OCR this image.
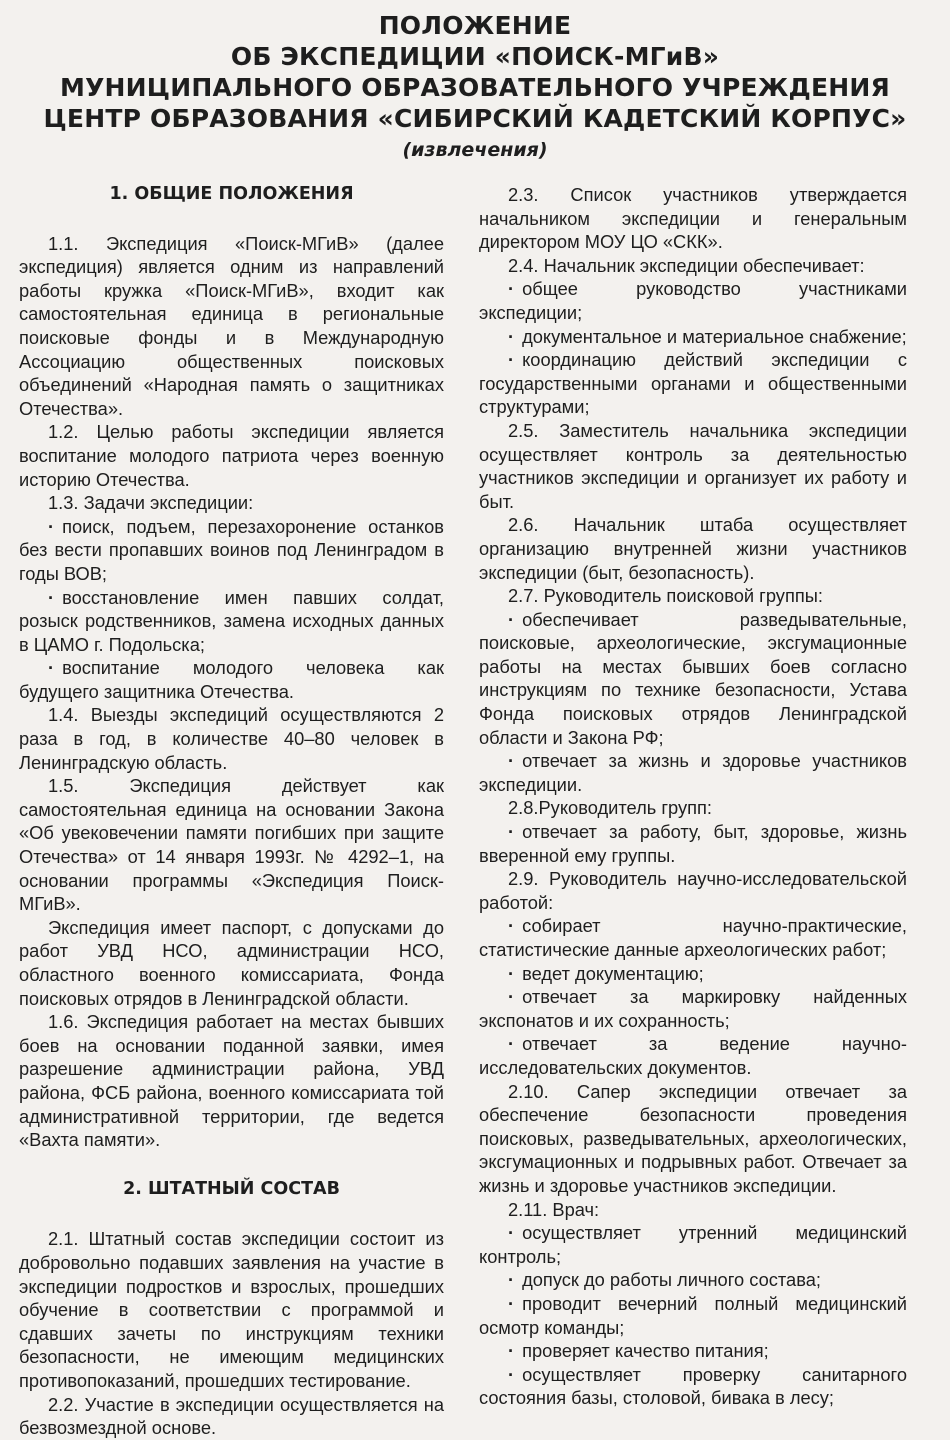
ПОЛОЖЕНИЕ
ОБ ЭКСПЕДИЦИИ «ПОИСК-МГиВ»
МУНИЦИПАЛЬНОГО ОБРАЗОВАТЕЛЬНОГО УЧРЕЖДЕНИЯ
ЦЕНТР ОБРАЗОВАНИЯ «СИБИРСКИЙ КАДЕТСКИЙ КОРПУС»
(извлечения)
1. ОБЩИЕ ПОЛОЖЕНИЯ

1.1. Экспедиция «Поиск-МГиВ» (далее экспедиция) является одним из направлений работы кружка «Поиск-МГиВ», входит как самостоятельная единица в региональные поисковые фонды и в Международную Ассоциацию общественных поисковых объединений «Народная память о защитниках Отечества».

1.2. Целью работы экспедиции является воспитание молодого патриота через военную историю Отечества.

1.3. Задачи экспедиции:

· поиск, подъем, перезахоронение останков без вести пропавших воинов под Ленинградом в годы ВОВ;

· восстановление имен павших солдат, розыск родственников, замена исходных данных в ЦАМО г. Подольска;

· воспитание молодого человека как будущего защитника Отечества.

1.4. Выезды экспедиций осуществляются 2 раза в год, в количестве 40–80 человек в Ленинградскую область.

1.5. Экспедиция действует как самостоятельная единица на основании Закона «Об увековечении памяти погибших при защите Отечества» от 14 января 1993г. № 4292–1, на основании программы «Экспедиция Поиск-МГиВ».

Экспедиция имеет паспорт, с допусками до работ УВД НСО, администрации НСО, областного военного комиссариата, Фонда поисковых отрядов в Ленинградской области.

1.6. Экспедиция работает на местах бывших боев на основании поданной заявки, имея разрешение администрации района, УВД района, ФСБ района, военного комиссариата той административной территории, где ведется «Вахта памяти».

2. ШТАТНЫЙ СОСТАВ

2.1. Штатный состав экспедиции состоит из добровольно подавших заявления на участие в экспедиции подростков и взрослых, прошедших обучение в соответствии с программой и сдавших зачеты по инструкциям техники безопасности, не имеющим медицинских противопоказаний, прошедших тестирование.

2.2. Участие в экспедиции осуществляется на безвозмездной основе.

2.3. Список участников утверждается начальником экспедиции и генеральным директором МОУ ЦО «СКК».

2.4. Начальник экспедиции обеспечивает:

· общее руководство участниками экспедиции;

· документальное и материальное снабжение;

· координацию действий экспедиции с государственными органами и общественными структурами;

2.5. Заместитель начальника экспедиции осуществляет контроль за деятельностью участников экспедиции и организует их работу и быт.

2.6. Начальник штаба осуществляет организацию внутренней жизни участников экспедиции (быт, безопасность).

2.7. Руководитель поисковой группы:

· обеспечивает разведывательные, поисковые, археологические, эксгумационные работы на местах бывших боев согласно инструкциям по технике безопасности, Устава Фонда поисковых отрядов Ленинградской области и Закона РФ;

· отвечает за жизнь и здоровье участников экспедиции.

2.8.Руководитель групп:

· отвечает за работу, быт, здоровье, жизнь вверенной ему группы.

2.9. Руководитель научно-исследовательской работой:

· собирает научно-практические, статистические данные археологических работ;

· ведет документацию;

· отвечает за маркировку найденных экспонатов и их сохранность;

· отвечает за ведение научно-исследовательских документов.

2.10. Сапер экспедиции отвечает за обеспечение безопасности проведения поисковых, разведывательных, археологических, эксгумационных и подрывных работ. Отвечает за жизнь и здоровье участников экспедиции.

2.11. Врач:

· осуществляет утренний медицинский контроль;

· допуск до работы личного состава;

· проводит вечерний полный медицинский осмотр команды;

· проверяет качество питания;

· осуществляет проверку санитарного состояния базы, столовой, бивака в лесу;
